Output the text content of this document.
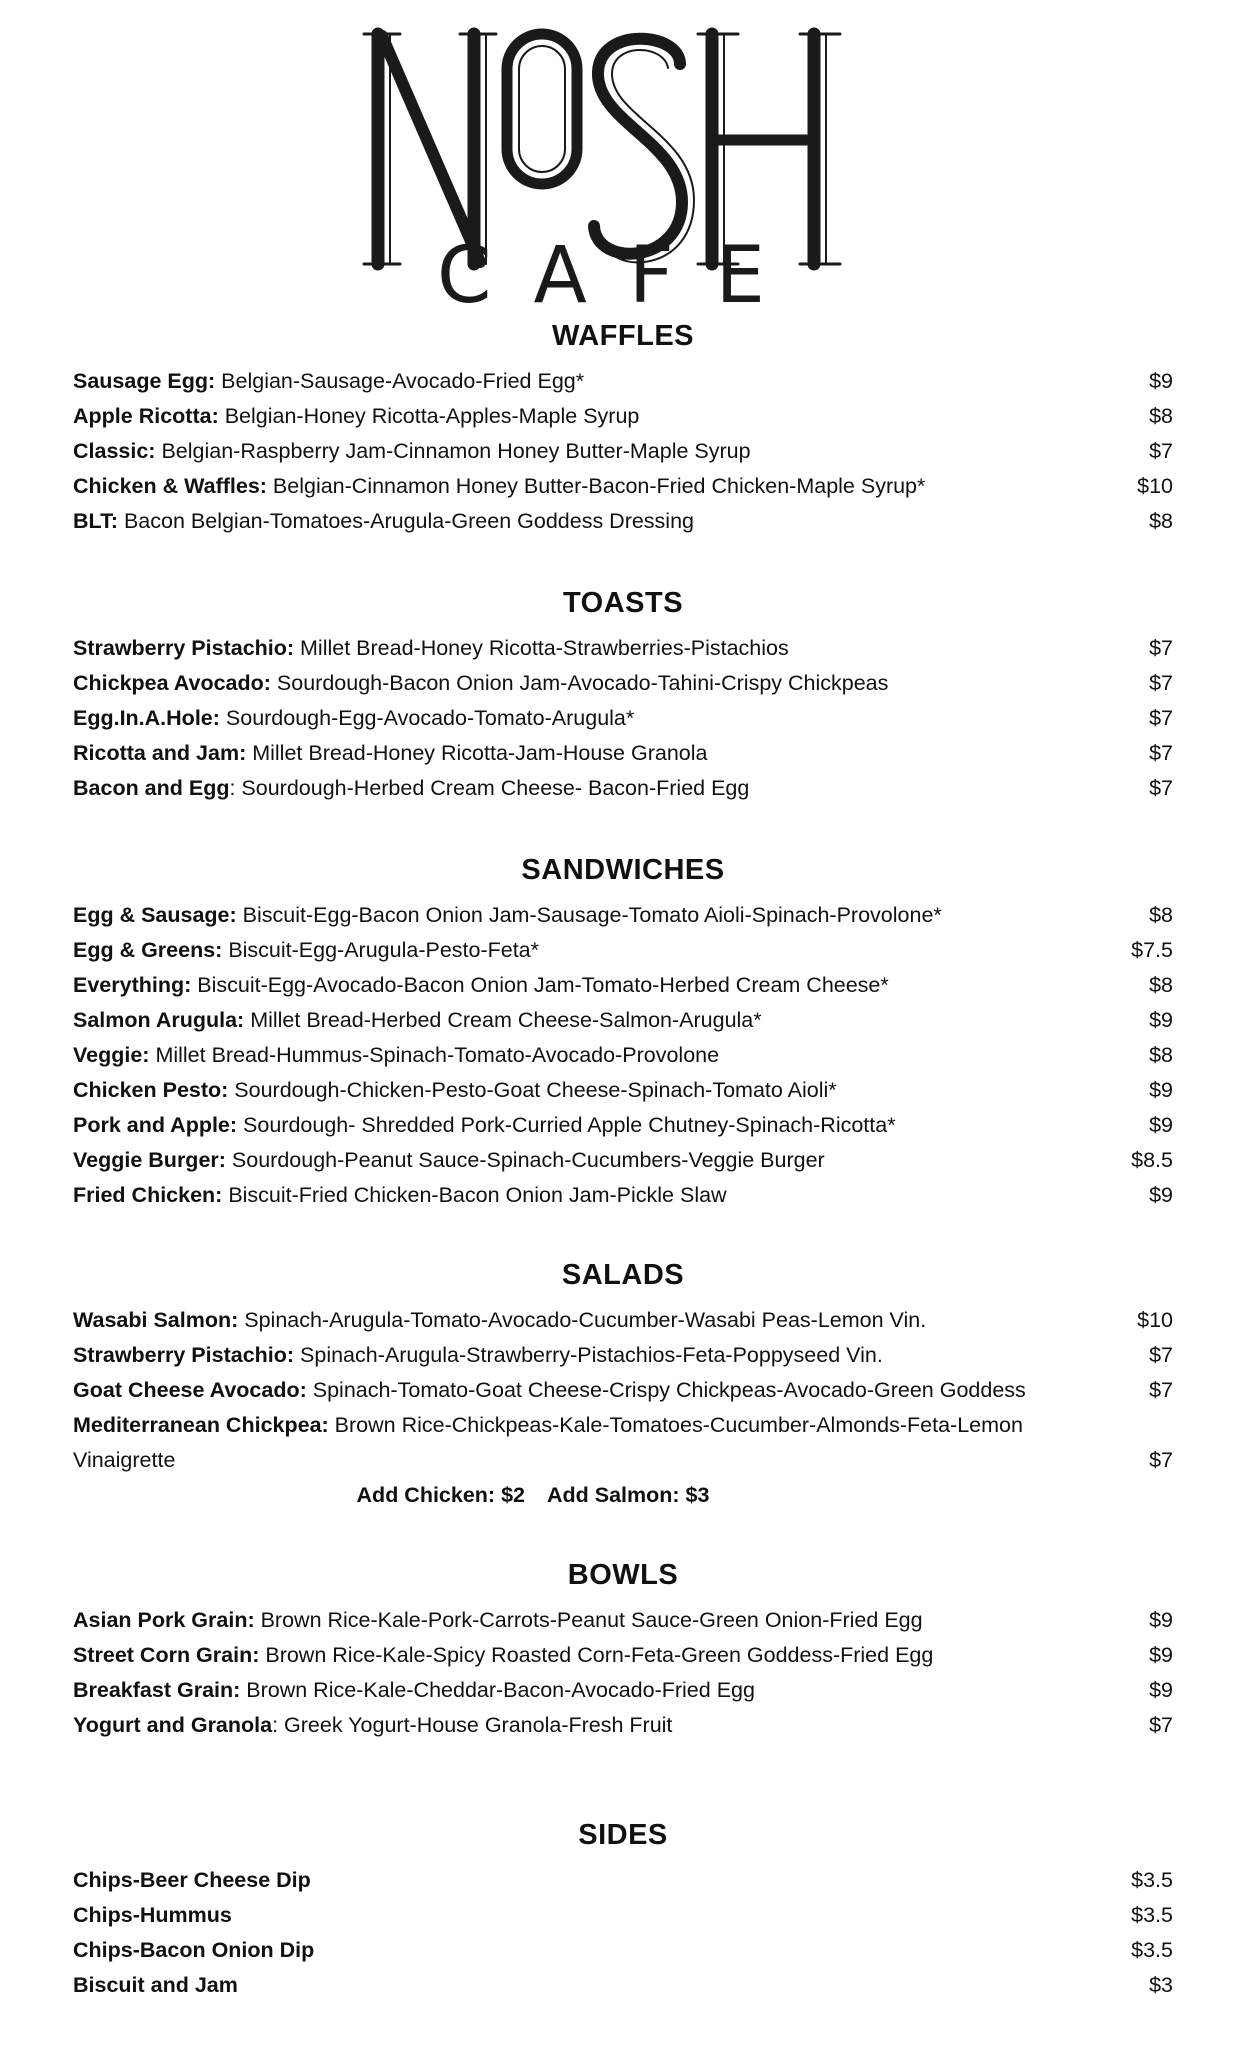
CAFE
WAFFLES
Sausage Egg: Belgian-Sausage-Avocado-Fried Egg*	$9
Apple Ricotta: Belgian-Honey Ricotta-Apples-Maple Syrup	$8
Classic: Belgian-Raspberry Jam-Cinnamon Honey Butter-Maple Syrup	$7
Chicken & Waffles: Belgian-Cinnamon Honey Butter-Bacon-Fried Chicken-Maple Syrup*	$10
BLT: Bacon Belgian-Tomatoes-Arugula-Green Goddess Dressing	$8
TOASTS
Strawberry Pistachio: Millet Bread-Honey Ricotta-Strawberries-Pistachios	$7
Chickpea Avocado: Sourdough-Bacon Onion Jam-Avocado-Tahini-Crispy Chickpeas	$7
Egg.In.A.Hole: Sourdough-Egg-Avocado-Tomato-Arugula*	$7
Ricotta and Jam: Millet Bread-Honey Ricotta-Jam-House Granola	$7
Bacon and Egg: Sourdough-Herbed Cream Cheese- Bacon-Fried Egg	$7
SANDWICHES
Egg & Sausage: Biscuit-Egg-Bacon Onion Jam-Sausage-Tomato Aioli-Spinach-Provolone*	$8
Egg & Greens: Biscuit-Egg-Arugula-Pesto-Feta*	$7.5
Everything: Biscuit-Egg-Avocado-Bacon Onion Jam-Tomato-Herbed Cream Cheese*	$8
Salmon Arugula: Millet Bread-Herbed Cream Cheese-Salmon-Arugula*	$9
Veggie: Millet Bread-Hummus-Spinach-Tomato-Avocado-Provolone	$8
Chicken Pesto: Sourdough-Chicken-Pesto-Goat Cheese-Spinach-Tomato Aioli*	$9
Pork and Apple: Sourdough- Shredded Pork-Curried Apple Chutney-Spinach-Ricotta*	$9
Veggie Burger: Sourdough-Peanut Sauce-Spinach-Cucumbers-Veggie Burger	$8.5
Fried Chicken: Biscuit-Fried Chicken-Bacon Onion Jam-Pickle Slaw	$9
SALADS
Wasabi Salmon: Spinach-Arugula-Tomato-Avocado-Cucumber-Wasabi Peas-Lemon Vin.	$10
Strawberry Pistachio: Spinach-Arugula-Strawberry-Pistachios-Feta-Poppyseed Vin.	$7
Goat Cheese Avocado: Spinach-Tomato-Goat Cheese-Crispy Chickpeas-Avocado-Green Goddess	$7
Mediterranean Chickpea: Brown Rice-Chickpeas-Kale-Tomatoes-Cucumber-Almonds-Feta-Lemon Vinaigrette	$7
Add Chicken: $2 Add Salmon: $3
BOWLS
Asian Pork Grain: Brown Rice-Kale-Pork-Carrots-Peanut Sauce-Green Onion-Fried Egg	$9
Street Corn Grain: Brown Rice-Kale-Spicy Roasted Corn-Feta-Green Goddess-Fried Egg	$9
Breakfast Grain: Brown Rice-Kale-Cheddar-Bacon-Avocado-Fried Egg	$9
Yogurt and Granola: Greek Yogurt-House Granola-Fresh Fruit	$7
SIDES
Chips-Beer Cheese Dip	$3.5
Chips-Hummus	$3.5
Chips-Bacon Onion Dip	$3.5
Biscuit and Jam	$3
